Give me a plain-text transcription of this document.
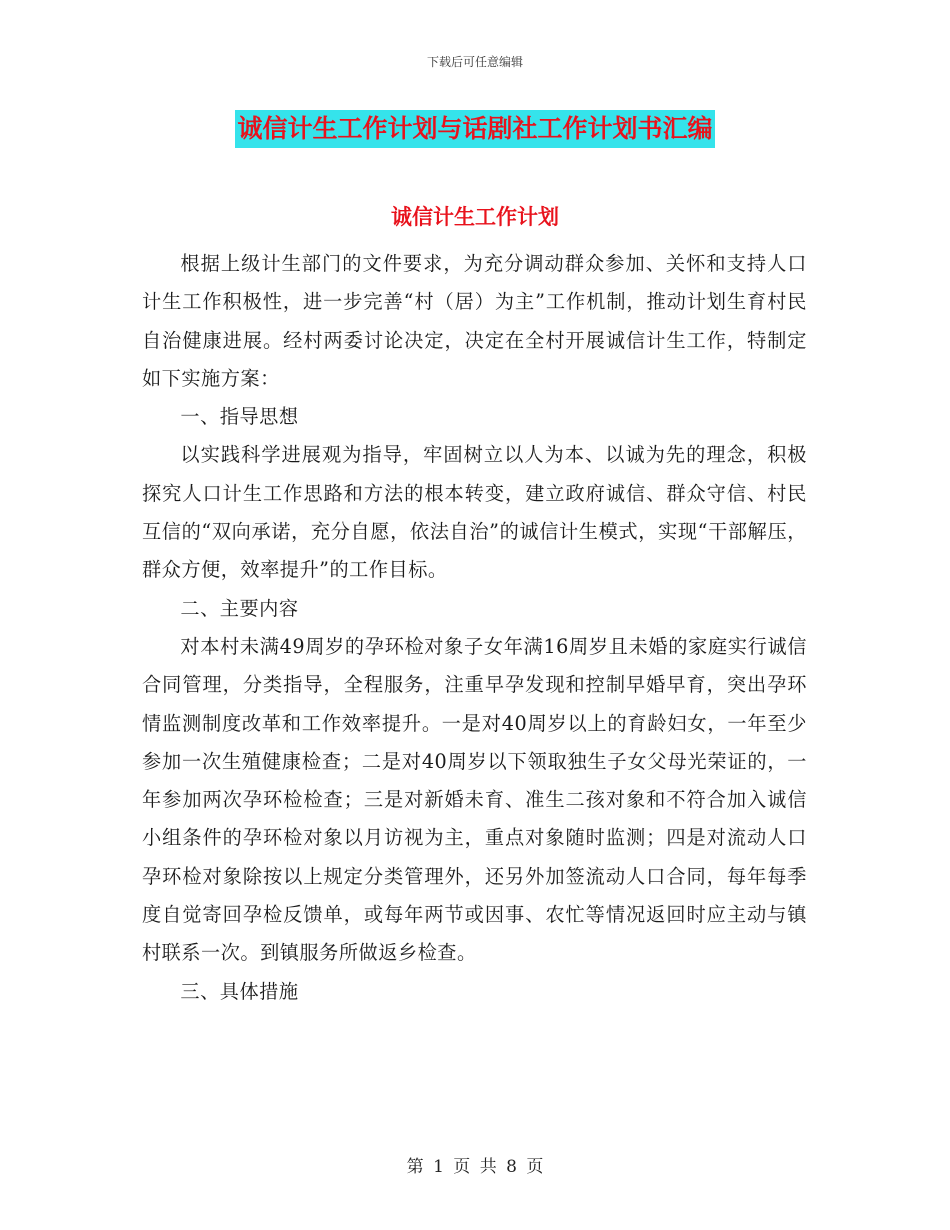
下载后可任意编辑
诚信计生工作计划与话剧社工作计划书汇编
诚信计生工作计划

根据上级计生部门的文件要求，为充分调动群众参加、关怀和支持人口计生工作积极性，进一步完善“村（居）为主”工作机制，推动计划生育村民自治健康进展。经村两委讨论决定，决定在全村开展诚信计生工作，特制定如下实施方案：

一、指导思想

以实践科学进展观为指导，牢固树立以人为本、以诚为先的理念，积极探究人口计生工作思路和方法的根本转变，建立政府诚信、群众守信、村民互信的“双向承诺，充分自愿，依法自治”的诚信计生模式，实现“干部解压，群众方便，效率提升”的工作目标。

二、主要内容

对本村未满49周岁的孕环检对象子女年满16周岁且未婚的家庭实行诚信合同管理，分类指导，全程服务，注重早孕发现和控制早婚早育，突出孕环情监测制度改革和工作效率提升。一是对40周岁以上的育龄妇女，一年至少参加一次生殖健康检查；二是对40周岁以下领取独生子女父母光荣证的，一年参加两次孕环检检查；三是对新婚未育、准生二孩对象和不符合加入诚信小组条件的孕环检对象以月访视为主，重点对象随时监测；四是对流动人口孕环检对象除按以上规定分类管理外，还另外加签流动人口合同，每年每季度自觉寄回孕检反馈单，或每年两节或因事、农忙等情况返回时应主动与镇村联系一次。到镇服务所做返乡检查。

三、具体措施

第 1 页 共 8 页
